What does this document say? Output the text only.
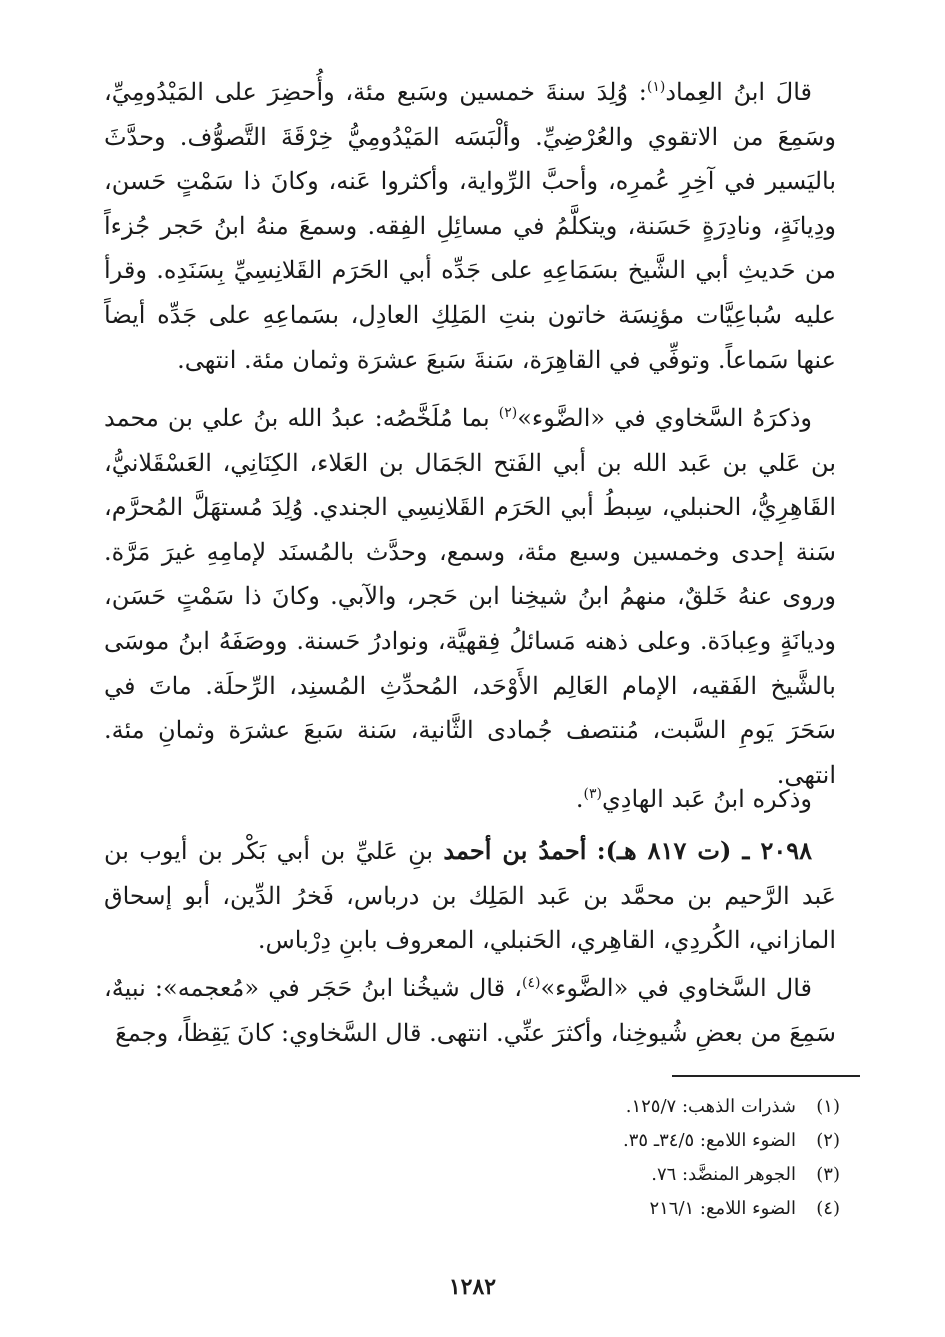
قالَ ابنُ العِماد$^{(١)}$: وُلِدَ سنةَ خمسين وسَبع مئة، وأُحضِرَ على المَيْدُومِيِّ، وسَمِعَ من الاتقوي والعُرْضِيِّ. وألْبَسَه المَيْدُومِيُّ خِرْقَةَ التَّصوُّف. وحدَّثَ باليَسير في آخِرِ عُمرِه، وأحبَّ الرِّواية، وأكثروا عَنه، وكانَ ذا سَمْتٍ حَسن، ودِيانَةٍ، ونادِرَةٍ حَسَنة، ويتكلَّمُ في مسائِلِ الفِقه. وسمعَ منهُ ابنُ حَجر جُزءاً من حَديثِ أبي الشَّيخ بسَمَاعِهِ على جَدِّه أبي الحَرَم القَلانِسِيِّ بِسَنَدِه. وقرأ عليه سُباعِيَّات مؤنِسَة خاتون بنتِ المَلِكِ العادِل، بسَماعِهِ على جَدِّه أيضاً عنها سَماعاً. وتوفِّي في القاهِرَة، سَنةَ سَبعَ عشرَة وثمان مئة. انتهى.

وذكرَهُ السَّخاوي في «الضَّوء»$^{(٢)}$ بما مُلَخَّصُه: عبدُ الله بنُ علي بن محمد بن عَلي بن عَبد الله بن أبي الفَتح الجَمَال بن العَلاء، الكِنَانِي، العَسْقَلانيُّ، القَاهِرِيُّ، الحنبلي، سِبطُ أبي الحَرَم القَلانِسِي الجندي. وُلِدَ مُستهَلَّ المُحرَّم، سَنة إحدى وخمسين وسبع مئة، وسمع، وحدَّث بالمُسنَد لإمامِهِ غيرَ مَرَّة. وروى عنهُ خَلقٌ، منهمُ ابنُ شيخِنا ابن حَجر، والآبي. وكانَ ذا سَمْتٍ حَسَن، وديانَةٍ وعِبادَة. وعلى ذهنه مَسائلُ فِقهيَّة، ونوادرُ حَسنة. ووصَفَهُ ابنُ موسَى بالشَّيخ الفَقيه، الإمام العَالِم الأَوْحَد، المُحدِّثِ المُسنِد، الرِّحلَة. ماتَ في سَحَرَ يَومِ السَّبت، مُنتصف جُمادى الثَّانية، سَنة سَبعَ عشرَة وثمانِ مئة. انتهى.

وذكره ابنُ عَبد الهادِي$^{(٣)}$.

٢٠٩٨ ـ (ت ٨١٧ هـ): أحمدُ بن أحمد بنِ عَليِّ بن أبي بَكْر بن أيوب بن عَبد الرَّحيم بن محمَّد بن عَبد المَلِك بن درباس، فَخرُ الدِّين، أبو إسحاق المازاني، الكُردِي، القاهِري، الحَنبلي، المعروف بابنِ دِرْباس.

قال السَّخاوي في «الضَّوء»$^{(٤)}$، قال شيخُنا ابنُ حَجَر في «مُعجمه»: نبيهٌ، سَمِعَ من بعضِ شُيوخِنا، وأكثرَ عنِّي. انتهى. قال السَّخاوي: كانَ يَقِظاً، وجمعَ

(١)شذرات الذهب: ١٢٥/٧.
(٢)الضوء اللامع: ٣٤/٥ـ ٣٥.
(٣)الجوهر المنضَّد: ٧٦.
(٤)الضوء اللامع: ٢١٦/١
١٢٨٢
